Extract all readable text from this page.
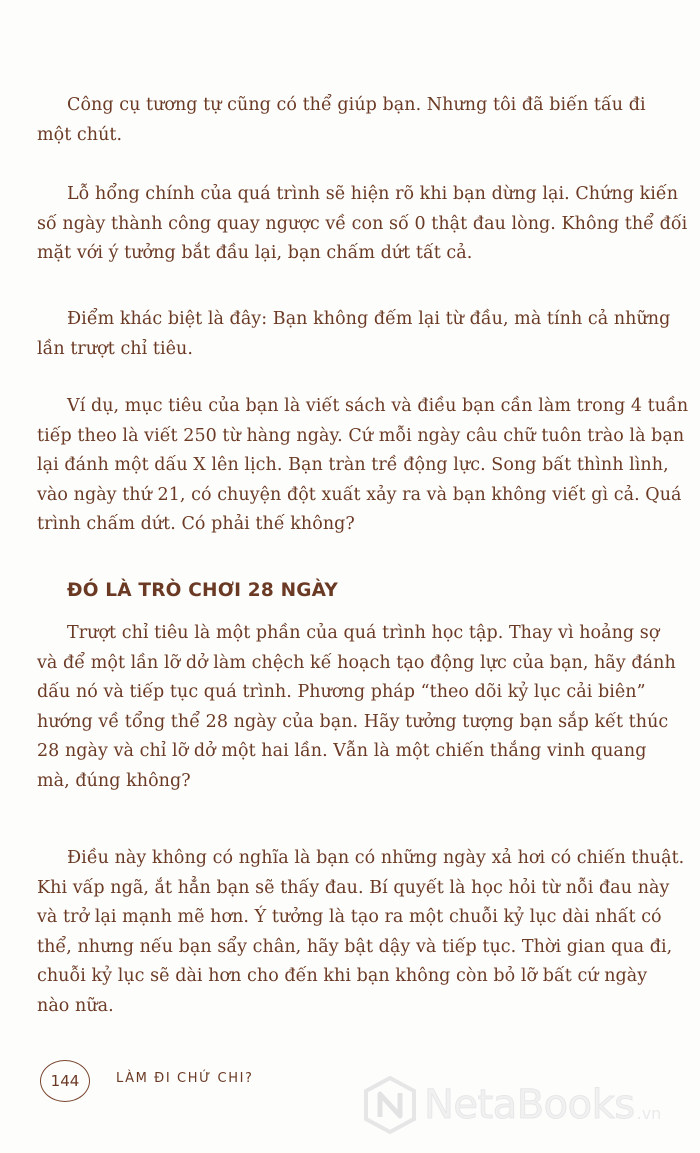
Công cụ tương tự cũng có thể giúp bạn. Nhưng tôi đã biến tấu đi
một chút.
Lỗ hổng chính của quá trình sẽ hiện rõ khi bạn dừng lại. Chứng kiến
số ngày thành công quay ngược về con số 0 thật đau lòng. Không thể đối
mặt với ý tưởng bắt đầu lại, bạn chấm dứt tất cả.
Điểm khác biệt là đây: Bạn không đếm lại từ đầu, mà tính cả những
lần trượt chỉ tiêu.
Ví dụ, mục tiêu của bạn là viết sách và điều bạn cần làm trong 4 tuần
tiếp theo là viết 250 từ hàng ngày. Cứ mỗi ngày câu chữ tuôn trào là bạn
lại đánh một dấu X lên lịch. Bạn tràn trề động lực. Song bất thình lình,
vào ngày thứ 21, có chuyện đột xuất xảy ra và bạn không viết gì cả. Quá
trình chấm dứt. Có phải thế không?
ĐÓ LÀ TRÒ CHƠI 28 NGÀY
Trượt chỉ tiêu là một phần của quá trình học tập. Thay vì hoảng sợ
và để một lần lỡ dở làm chệch kế hoạch tạo động lực của bạn, hãy đánh
dấu nó và tiếp tục quá trình. Phương pháp “theo dõi kỷ lục cải biên”
hướng về tổng thể 28 ngày của bạn. Hãy tưởng tượng bạn sắp kết thúc
28 ngày và chỉ lỡ dở một hai lần. Vẫn là một chiến thắng vinh quang
mà, đúng không?
Điều này không có nghĩa là bạn có những ngày xả hơi có chiến thuật.
Khi vấp ngã, ắt hẳn bạn sẽ thấy đau. Bí quyết là học hỏi từ nỗi đau này
và trở lại mạnh mẽ hơn. Ý tưởng là tạo ra một chuỗi kỷ lục dài nhất có
thể, nhưng nếu bạn sẩy chân, hãy bật dậy và tiếp tục. Thời gian qua đi,
chuỗi kỷ lục sẽ dài hơn cho đến khi bạn không còn bỏ lỡ bất cứ ngày
nào nữa.
144	LÀM ĐI CHỨ CHI?
NetaBooks .vn
